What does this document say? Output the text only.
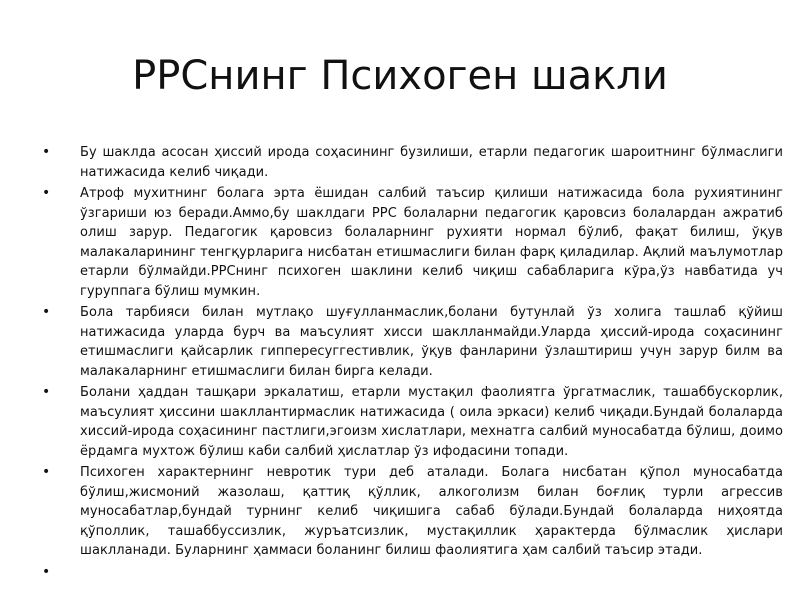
РРСнинг Психоген шакли
• Бу шаклда асосан ҳиссий ирода соҳасининг бузилиши, етарли педагогик шароитнинг бўлмаслиги натижасида келиб чиқади.
• Атроф мухитнинг болага эрта ёшидан салбий таъсир қилиши натижасида бола рухиятининг ўзгариши юз беради.Аммо,бу шаклдаги РРС болаларни педагогик қаровсиз болалардан ажратиб олиш зарур. Педагогик қаровсиз болаларнинг рухияти нормал бўлиб, фақат билиш, ўқув малакаларининг тенгқурларига нисбатан етишмаслиги билан фарқ қиладилар. Ақлий маълумотлар етарли бўлмайди.РРСнинг психоген шаклини келиб чиқиш сабабларига кўра,ўз навбатида уч гуруппага бўлиш мумкин.
• Бола тарбияси билан мутлақо шуғулланмаслик,болани бутунлай ўз холига ташлаб қўйиш натижасида уларда бурч ва маъсулият хисси шаклланмайди.Уларда ҳиссий-ирода соҳасининг етишмаслиги қайсарлик гиппересуггестивлик, ўқув фанларини ўзлаштириш учун зарур билм ва малакаларнинг етишмаслиги билан бирга келади.
• Болани ҳаддан ташқари эркалатиш, етарли мустақил фаолиятга ўргатмаслик, ташаббускорлик, маъсулият ҳиссини шакллантирмаслик натижасида ( оила эркаси) келиб чиқади.Бундай болаларда хиссий-ирода соҳасининг пастлиги,эгоизм хислатлари, мехнатга салбий муносабатда бўлиш, доимо ёрдамга мухтож бўлиш каби салбий ҳислатлар ўз ифодасини топади.
• Психоген характернинг невротик тури деб аталади. Болага нисбатан қўпол муносабатда бўлиш,жисмоний жазолаш, қаттиқ қўллик, алкоголизм билан боғлиқ турли агрессив муносабатлар,бундай турнинг келиб чиқишига сабаб бўлади.Бундай болаларда ниҳоятда қўполлик, ташаббуссизлик, журъатсизлик, мустақиллик ҳарактерда бўлмаслик ҳислари шаклланади. Буларнинг ҳаммаси боланинг билиш фаолиятига ҳам салбий таъсир этади.
•
